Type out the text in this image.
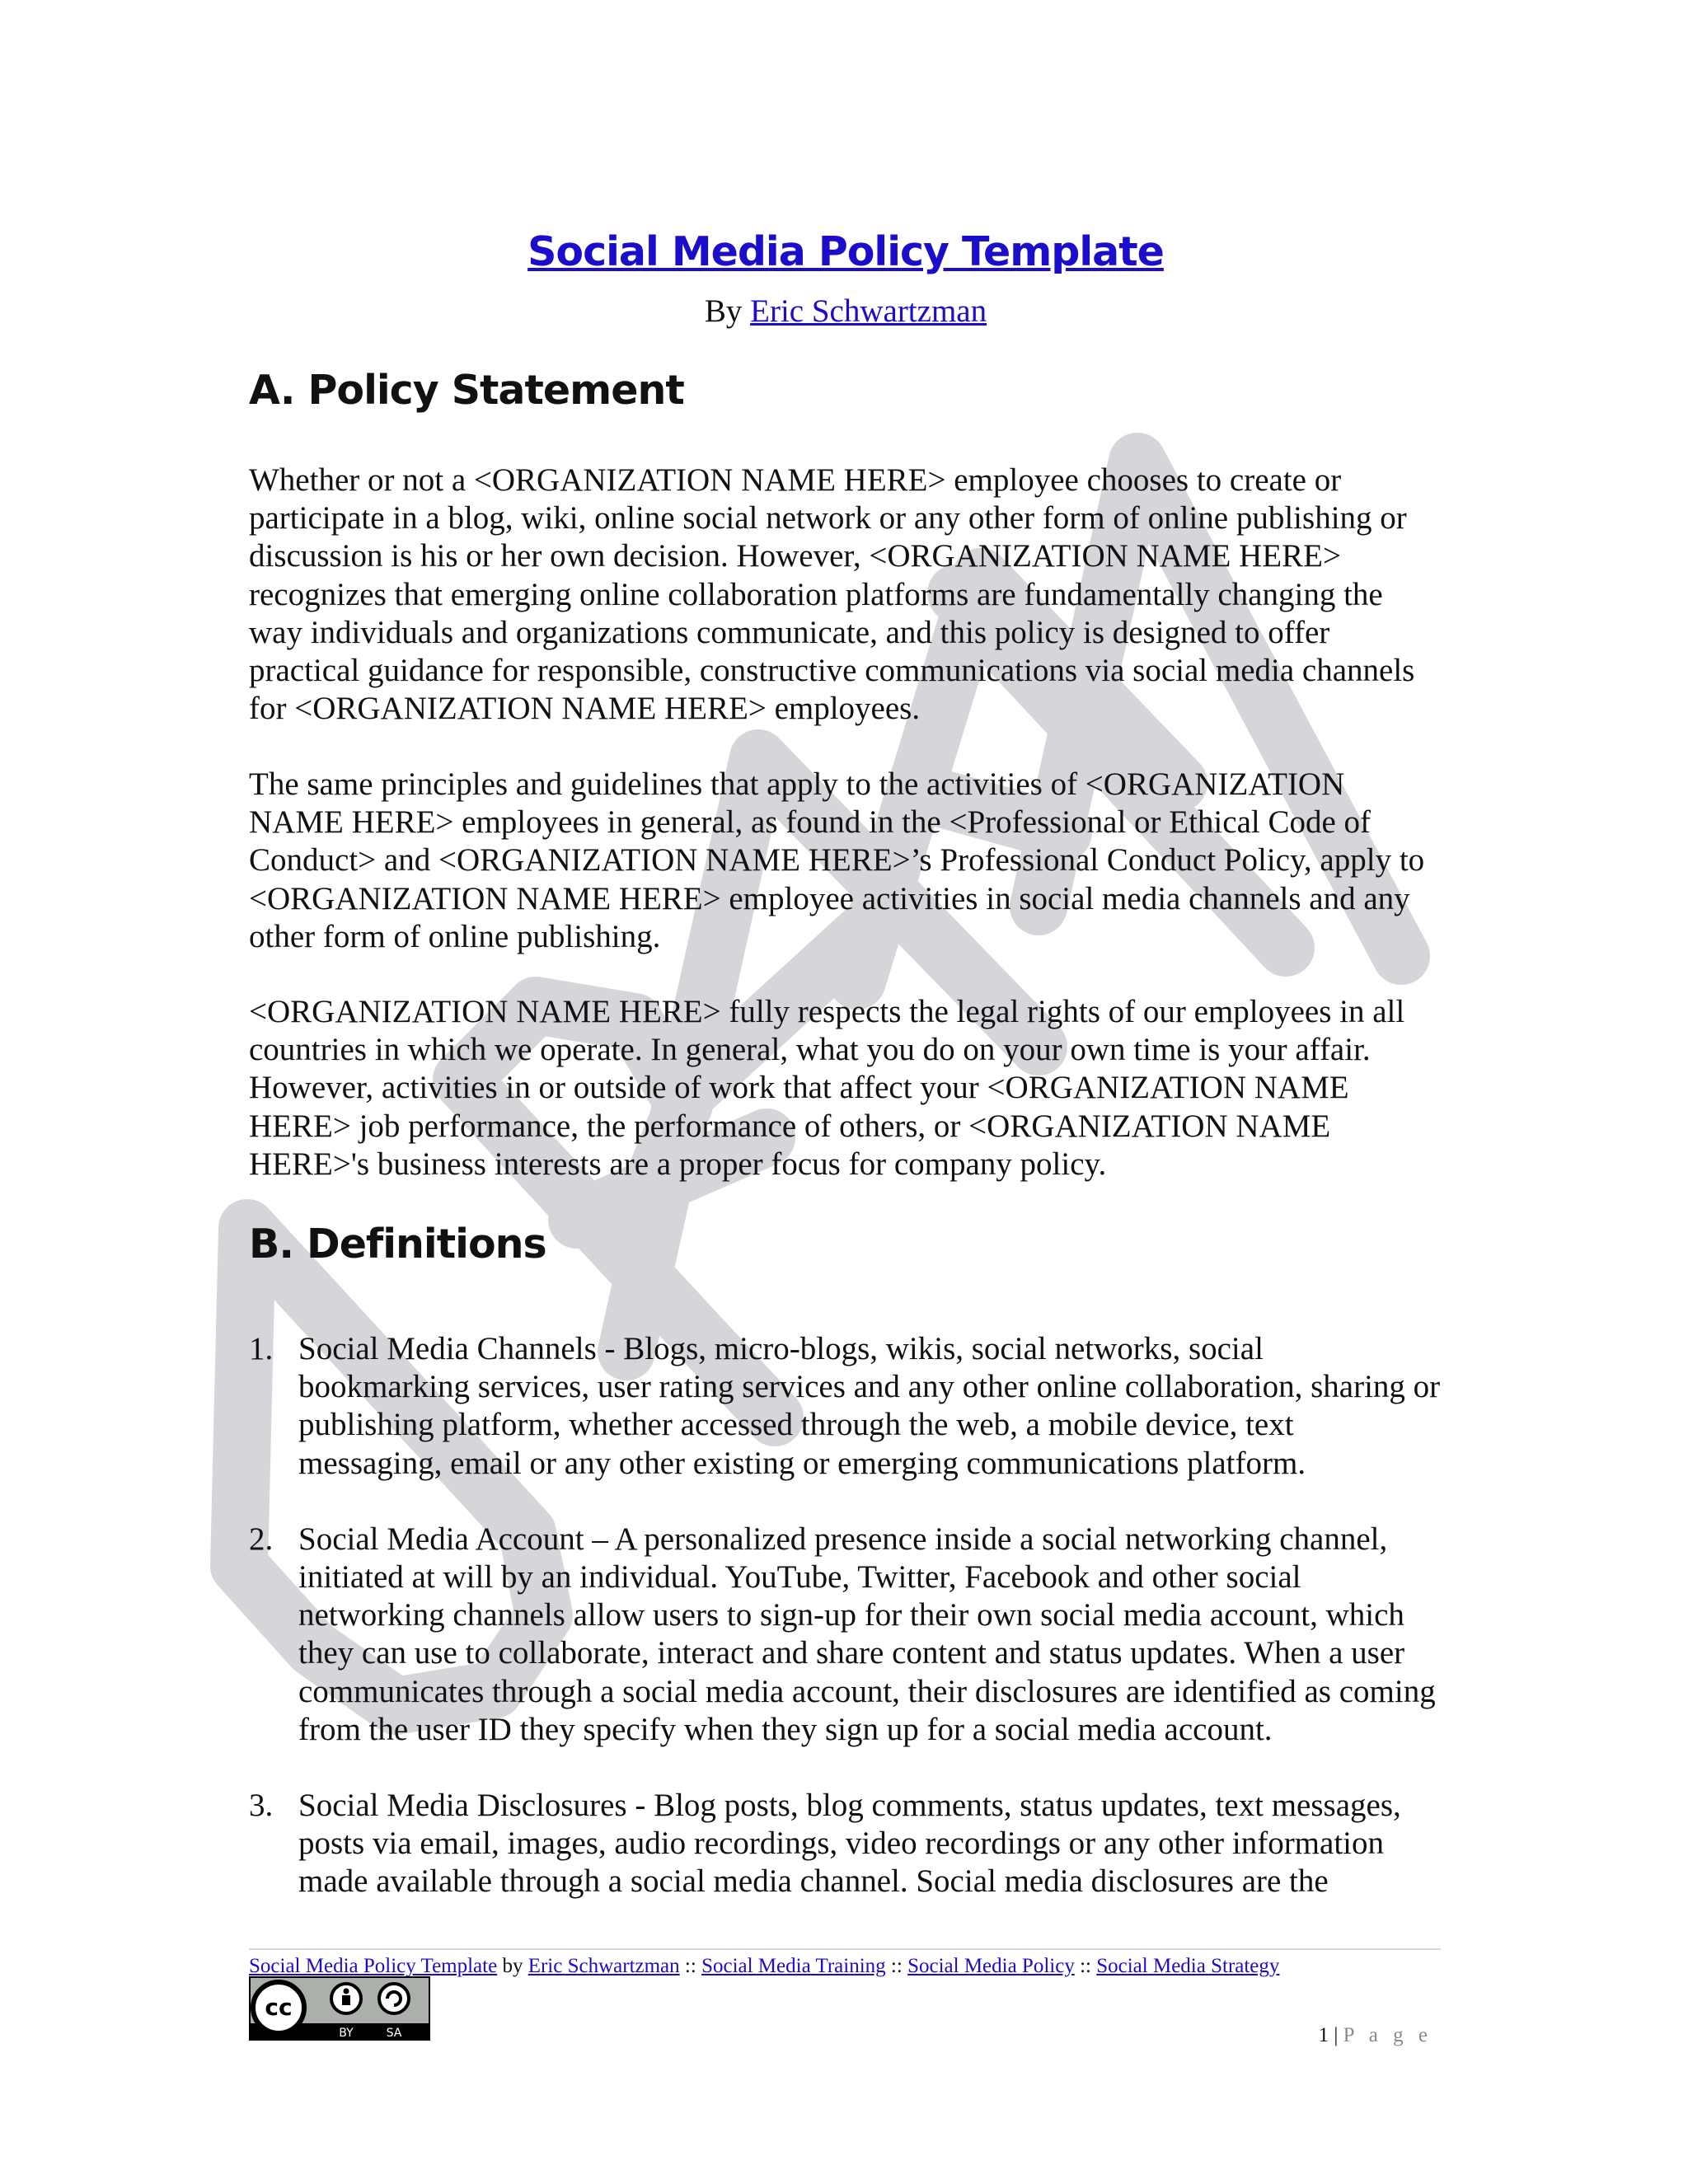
Social Media Policy Template
By Eric Schwartzman
A. Policy Statement

Whether or not a <ORGANIZATION NAME HERE> employee chooses to create or participate in a blog, wiki, online social network or any other form of online publishing or discussion is his or her own decision. However, <ORGANIZATION NAME HERE> recognizes that emerging online collaboration platforms are fundamentally changing the way individuals and organizations communicate, and this policy is designed to offer practical guidance for responsible, constructive communications via social media channels for <ORGANIZATION NAME HERE> employees.

The same principles and guidelines that apply to the activities of <ORGANIZATION NAME HERE> employees in general, as found in the <Professional or Ethical Code of Conduct> and <ORGANIZATION NAME HERE>’s Professional Conduct Policy, apply to <ORGANIZATION NAME HERE> employee activities in social media channels and any other form of online publishing.

<ORGANIZATION NAME HERE> fully respects the legal rights of our employees in all countries in which we operate. In general, what you do on your own time is your affair. However, activities in or outside of work that affect your <ORGANIZATION NAME HERE> job performance, the performance of others, or <ORGANIZATION NAME HERE>'s business interests are a proper focus for company policy.

B. Definitions
1. Social Media Channels - Blogs, micro-blogs, wikis, social networks, social bookmarking services, user rating services and any other online collaboration, sharing or publishing platform, whether accessed through the web, a mobile device, text messaging, email or any other existing or emerging communications platform.
2. Social Media Account – A personalized presence inside a social networking channel, initiated at will by an individual. YouTube, Twitter, Facebook and other social networking channels allow users to sign-up for their own social media account, which they can use to collaborate, interact and share content and status updates. When a user communicates through a social media account, their disclosures are identified as coming from the user ID they specify when they sign up for a social media account.
3. Social Media Disclosures - Blog posts, blog comments, status updates, text messages, posts via email, images, audio recordings, video recordings or any other information made available through a social media channel. Social media disclosures are the
Social Media Policy Template by Eric Schwartzman :: Social Media Training :: Social Media Policy :: Social Media Strategy
cc
BY	SA	1 | P a g e
